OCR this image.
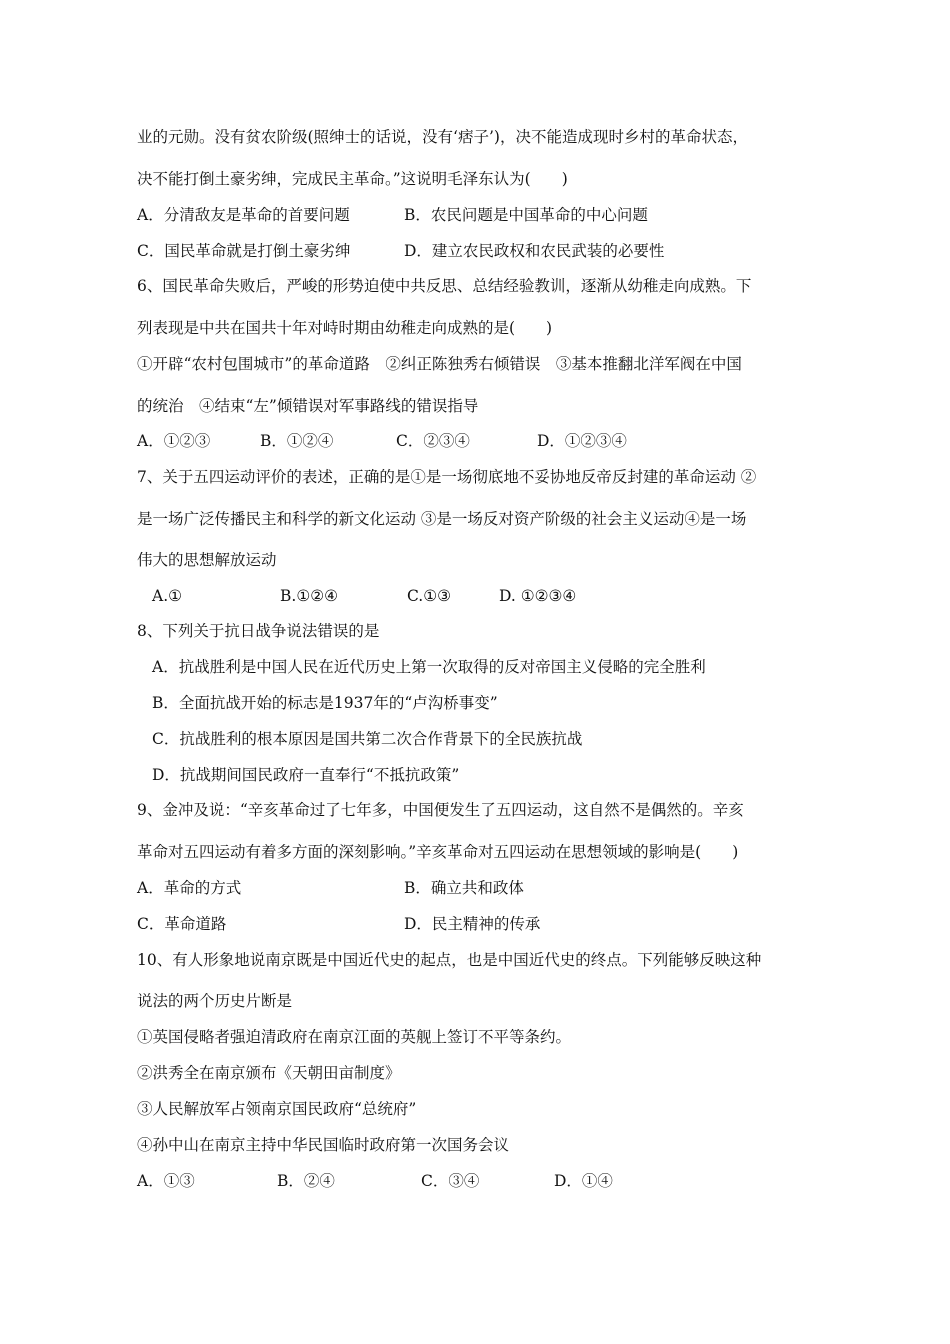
业的元勋。没有贫农阶级(照绅士的话说，没有‘痞子’)，决不能造成现时乡村的革命状态，
决不能打倒土豪劣绅，完成民主革命。”这说明毛泽东认为(　　)
A．分清敌友是革命的首要问题	B．农民问题是中国革命的中心问题
C．国民革命就是打倒土豪劣绅	D．建立农民政权和农民武装的必要性
6、国民革命失败后，严峻的形势迫使中共反思、总结经验教训，逐渐从幼稚走向成熟。下
列表现是中共在国共十年对峙时期由幼稚走向成熟的是(　　)
①开辟“农村包围城市”的革命道路　②纠正陈独秀右倾错误　③基本推翻北洋军阀在中国
的统治　④结束“左”倾错误对军事路线的错误指导
A．①②③	B．①②④	C．②③④	D．①②③④
7、关于五四运动评价的表述，正确的是①是一场彻底地不妥协地反帝反封建的革命运动 ②
是一场广泛传播民主和科学的新文化运动 ③是一场反对资产阶级的社会主义运动④是一场
伟大的思想解放运动
A.①	B.①②④	C.①③	D. ①②③④
8、下列关于抗日战争说法错误的是
A．抗战胜利是中国人民在近代历史上第一次取得的反对帝国主义侵略的完全胜利
B．全面抗战开始的标志是1937年的“卢沟桥事变”
C．抗战胜利的根本原因是国共第二次合作背景下的全民族抗战
D．抗战期间国民政府一直奉行“不抵抗政策”
9、金冲及说：“辛亥革命过了七年多，中国便发生了五四运动，这自然不是偶然的。辛亥
革命对五四运动有着多方面的深刻影响。”辛亥革命对五四运动在思想领域的影响是(　　)
A．革命的方式	B．确立共和政体
C．革命道路	D．民主精神的传承
10、有人形象地说南京既是中国近代史的起点，也是中国近代史的终点。下列能够反映这种
说法的两个历史片断是
①英国侵略者强迫清政府在南京江面的英舰上签订不平等条约。
②洪秀全在南京颁布《天朝田亩制度》
③人民解放军占领南京国民政府“总统府”
④孙中山在南京主持中华民国临时政府第一次国务会议
A．①③	B．②④	C．③④	D．①④
